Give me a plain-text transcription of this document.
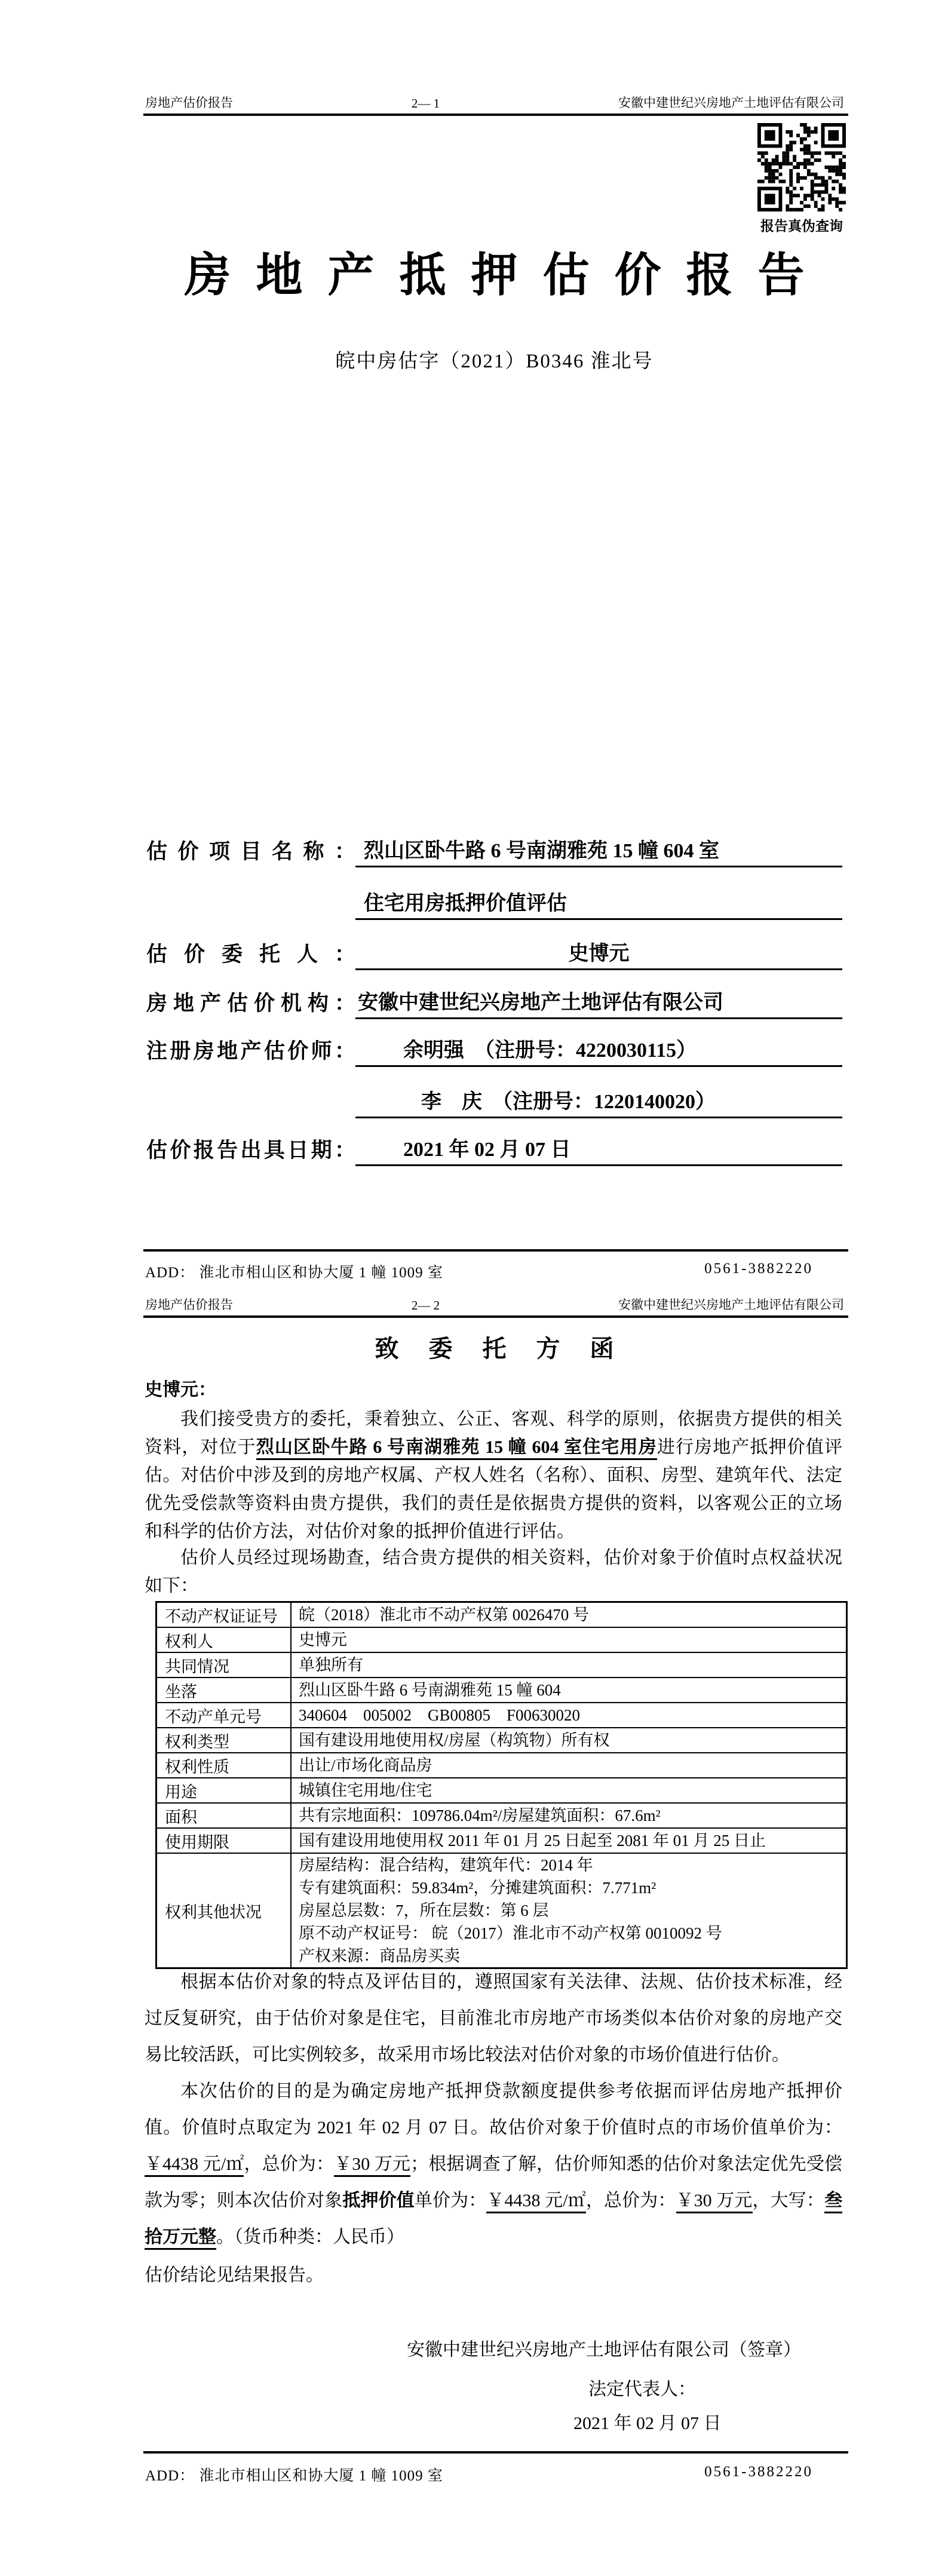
房地产估价报告	2— 1	安徽中建世纪兴房地产土地评估有限公司
报告真伪查询
房地产抵押估价报告
皖中房估字（2021）B0346 淮北号
估价项目名称： 烈山区卧牛路 6 号南湖雅苑 15 幢 604 室
住宅用房抵押价值评估
估价委托人：	史博元
房地产估价机构： 安徽中建世纪兴房地产土地评估有限公司
注册房地产估价师：	余明强　（注册号：4220030115）
李　庆　（注册号：1220140020）
估价报告出具日期：	2021 年 02 月 07 日
ADD： 淮北市相山区和协大厦 1 幢 1009 室	0561-3882220
房地产估价报告	2— 2	安徽中建世纪兴房地产土地评估有限公司
致委托方函
史博元：
我们接受贵方的委托，秉着独立、公正、客观、科学的原则，依据贵方提供的相关资料，对位于烈山区卧牛路 6 号南湖雅苑 15 幢 604 室住宅用房进行房地产抵押价值评估。对估价中涉及到的房地产权属、产权人姓名（名称）、面积、房型、建筑年代、法定优先受偿款等资料由贵方提供，我们的责任是依据贵方提供的资料，以客观公正的立场和科学的估价方法，对估价对象的抵押价值进行评估。
估价人员经过现场勘查，结合贵方提供的相关资料，估价对象于价值时点权益状况如下：
不动产权证证号	皖（2018）淮北市不动产权第 0026470 号
权利人	史博元
共同情况	单独所有
坐落	烈山区卧牛路 6 号南湖雅苑 15 幢 604
不动产单元号	340604　005002　GB00805　F00630020
权利类型	国有建设用地使用权/房屋（构筑物）所有权
权利性质	出让/市场化商品房
用途	城镇住宅用地/住宅
面积	共有宗地面积：109786.04m²/房屋建筑面积：67.6m²
使用期限	国有建设用地使用权 2011 年 01 月 25 日起至 2081 年 01 月 25 日止
权利其他状况
房屋结构：混合结构，建筑年代：2014 年
专有建筑面积：59.834m²，分摊建筑面积：7.771m²
房屋总层数：7，所在层数：第 6 层
原不动产权证号： 皖（2017）淮北市不动产权第 0010092 号
产权来源：商品房买卖
根据本估价对象的特点及评估目的，遵照国家有关法律、法规、估价技术标准，经过反复研究，由于估价对象是住宅，目前淮北市房地产市场类似本估价对象的房地产交易比较活跃，可比实例较多，故采用市场比较法对估价对象的市场价值进行估价。
本次估价的目的是为确定房地产抵押贷款额度提供参考依据而评估房地产抵押价值。价值时点取定为 2021 年 02 月 07 日。故估价对象于价值时点的市场价值单价为：￥4438 元/㎡，总价为：￥30 万元；根据调查了解，估价师知悉的估价对象法定优先受偿款为零；则本次估价对象抵押价值单价为：￥4438 元/㎡，总价为：￥30 万元，大写：叁拾万元整。（货币种类：人民币）
估价结论见结果报告。
安徽中建世纪兴房地产土地评估有限公司（签章）
法定代表人：
2021 年 02 月 07 日
ADD： 淮北市相山区和协大厦 1 幢 1009 室	0561-3882220
